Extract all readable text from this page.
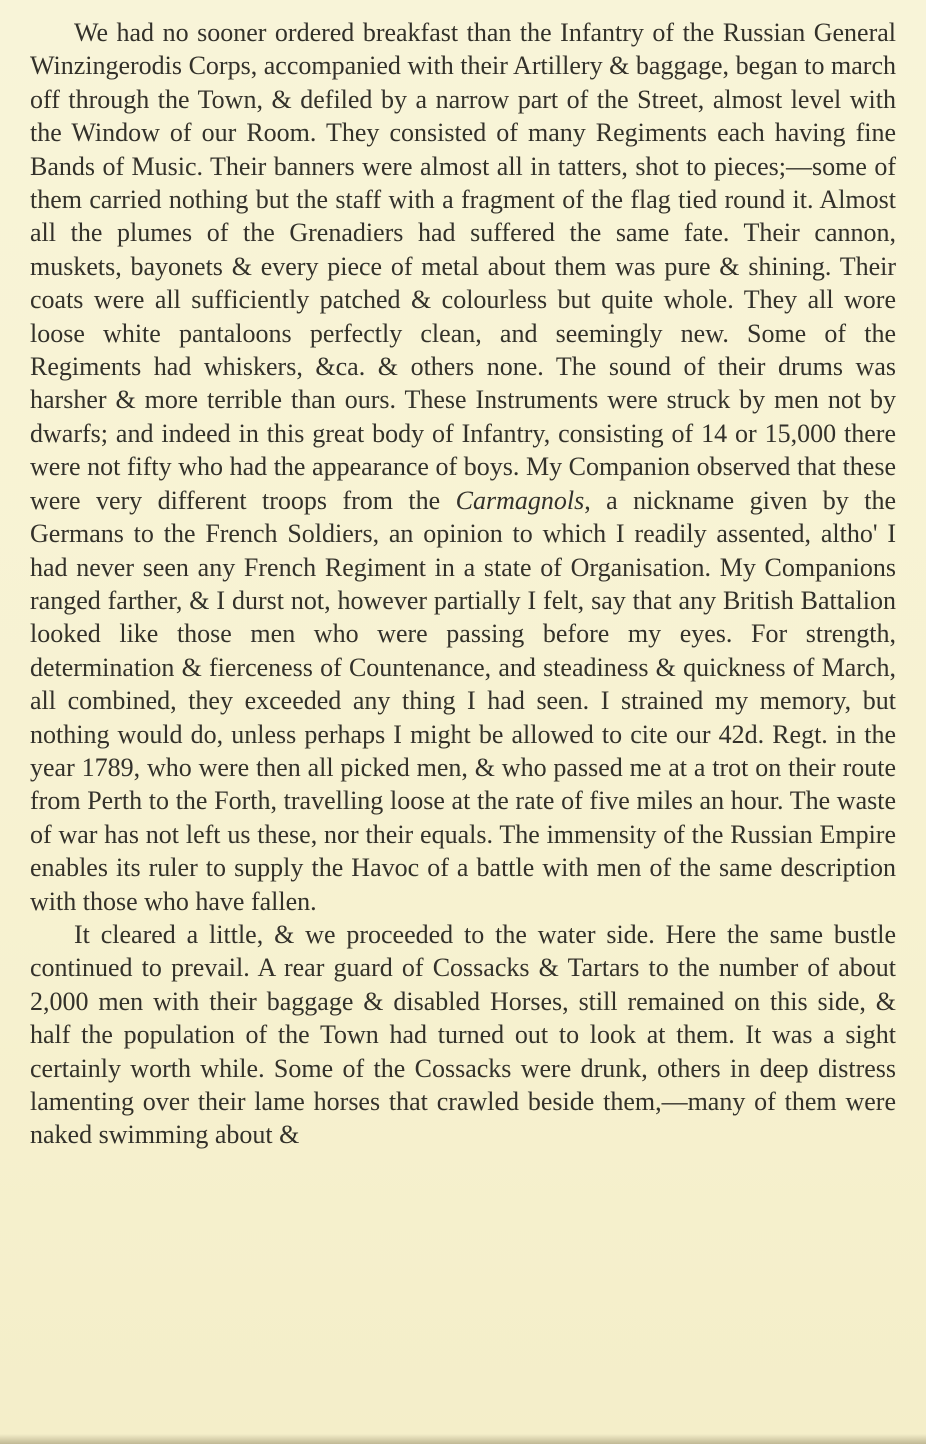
We had no sooner ordered breakfast than the Infantry of the Russian General Winzingerodis Corps, accompanied with their Artillery & baggage, began to march off through the Town, & defiled by a narrow part of the Street, almost level with the Window of our Room. They consisted of many Regiments each having fine Bands of Music. Their banners were almost all in tatters, shot to pieces;—some of them carried nothing but the staff with a fragment of the flag tied round it. Almost all the plumes of the Grenadiers had suffered the same fate. Their cannon, muskets, bayonets & every piece of metal about them was pure & shining. Their coats were all sufficiently patched & colourless but quite whole. They all wore loose white pantaloons perfectly clean, and seemingly new. Some of the Regiments had whiskers, &ca. & others none. The sound of their drums was harsher & more terrible than ours. These Instruments were struck by men not by dwarfs; and indeed in this great body of Infantry, consisting of 14 or 15,000 there were not fifty who had the appearance of boys. My Companion observed that these were very different troops from the Carmagnols, a nickname given by the Germans to the French Soldiers, an opinion to which I readily assented, altho' I had never seen any French Regiment in a state of Organisation. My Companions ranged farther, & I durst not, however partially I felt, say that any British Battalion looked like those men who were passing before my eyes. For strength, determination & fierceness of Countenance, and steadiness & quickness of March, all combined, they exceeded any thing I had seen. I strained my memory, but nothing would do, unless perhaps I might be allowed to cite our 42d. Regt. in the year 1789, who were then all picked men, & who passed me at a trot on their route from Perth to the Forth, travelling loose at the rate of five miles an hour. The waste of war has not left us these, nor their equals. The immensity of the Russian Empire enables its ruler to supply the Havoc of a battle with men of the same description with those who have fallen.

It cleared a little, & we proceeded to the water side. Here the same bustle continued to prevail. A rear guard of Cossacks & Tartars to the number of about 2,000 men with their baggage & disabled Horses, still remained on this side, & half the population of the Town had turned out to look at them. It was a sight certainly worth while. Some of the Cossacks were drunk, others in deep distress lamenting over their lame horses that crawled beside them,—many of them were naked swimming about &
